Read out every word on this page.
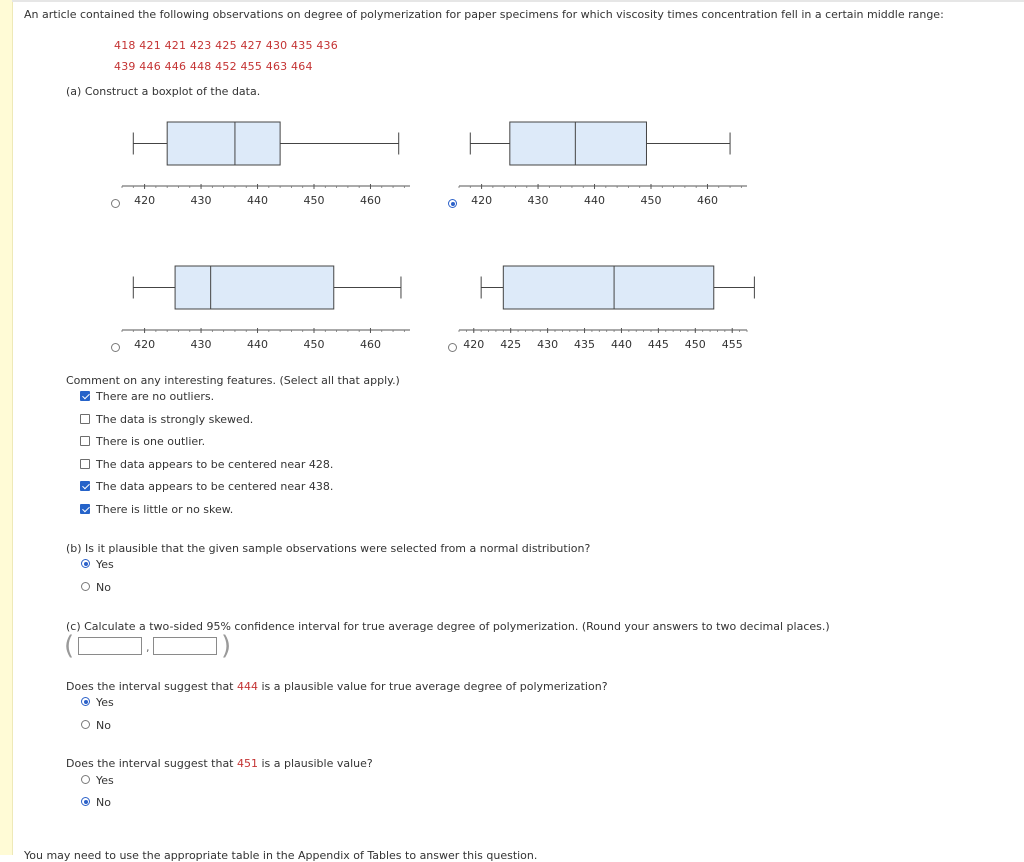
An article contained the following observations on degree of polymerization for paper specimens for which viscosity times concentration fell in a certain middle range:
418 421 421 423 425 427 430 435 436
439 446 446 448 452 455 463 464
(a) Construct a boxplot of the data.
420	430	440	450	460	420	430	440	450	460
420	430	440	450	460	420 425 430 435 440 445 450 455
Comment on any interesting features. (Select all that apply.)
There are no outliers.
The data is strongly skewed.
There is one outlier.
The data appears to be centered near 428.
The data appears to be centered near 438.
There is little or no skew.
(b) Is it plausible that the given sample observations were selected from a normal distribution?
Yes
No
(c) Calculate a two-sided 95% confidence interval for true average degree of polymerization. (Round your answers to two decimal places.)
(	,	)
Does the interval suggest that 444 is a plausible value for true average degree of polymerization?
Yes
No
Does the interval suggest that 451 is a plausible value?
Yes
No
You may need to use the appropriate table in the Appendix of Tables to answer this question.
